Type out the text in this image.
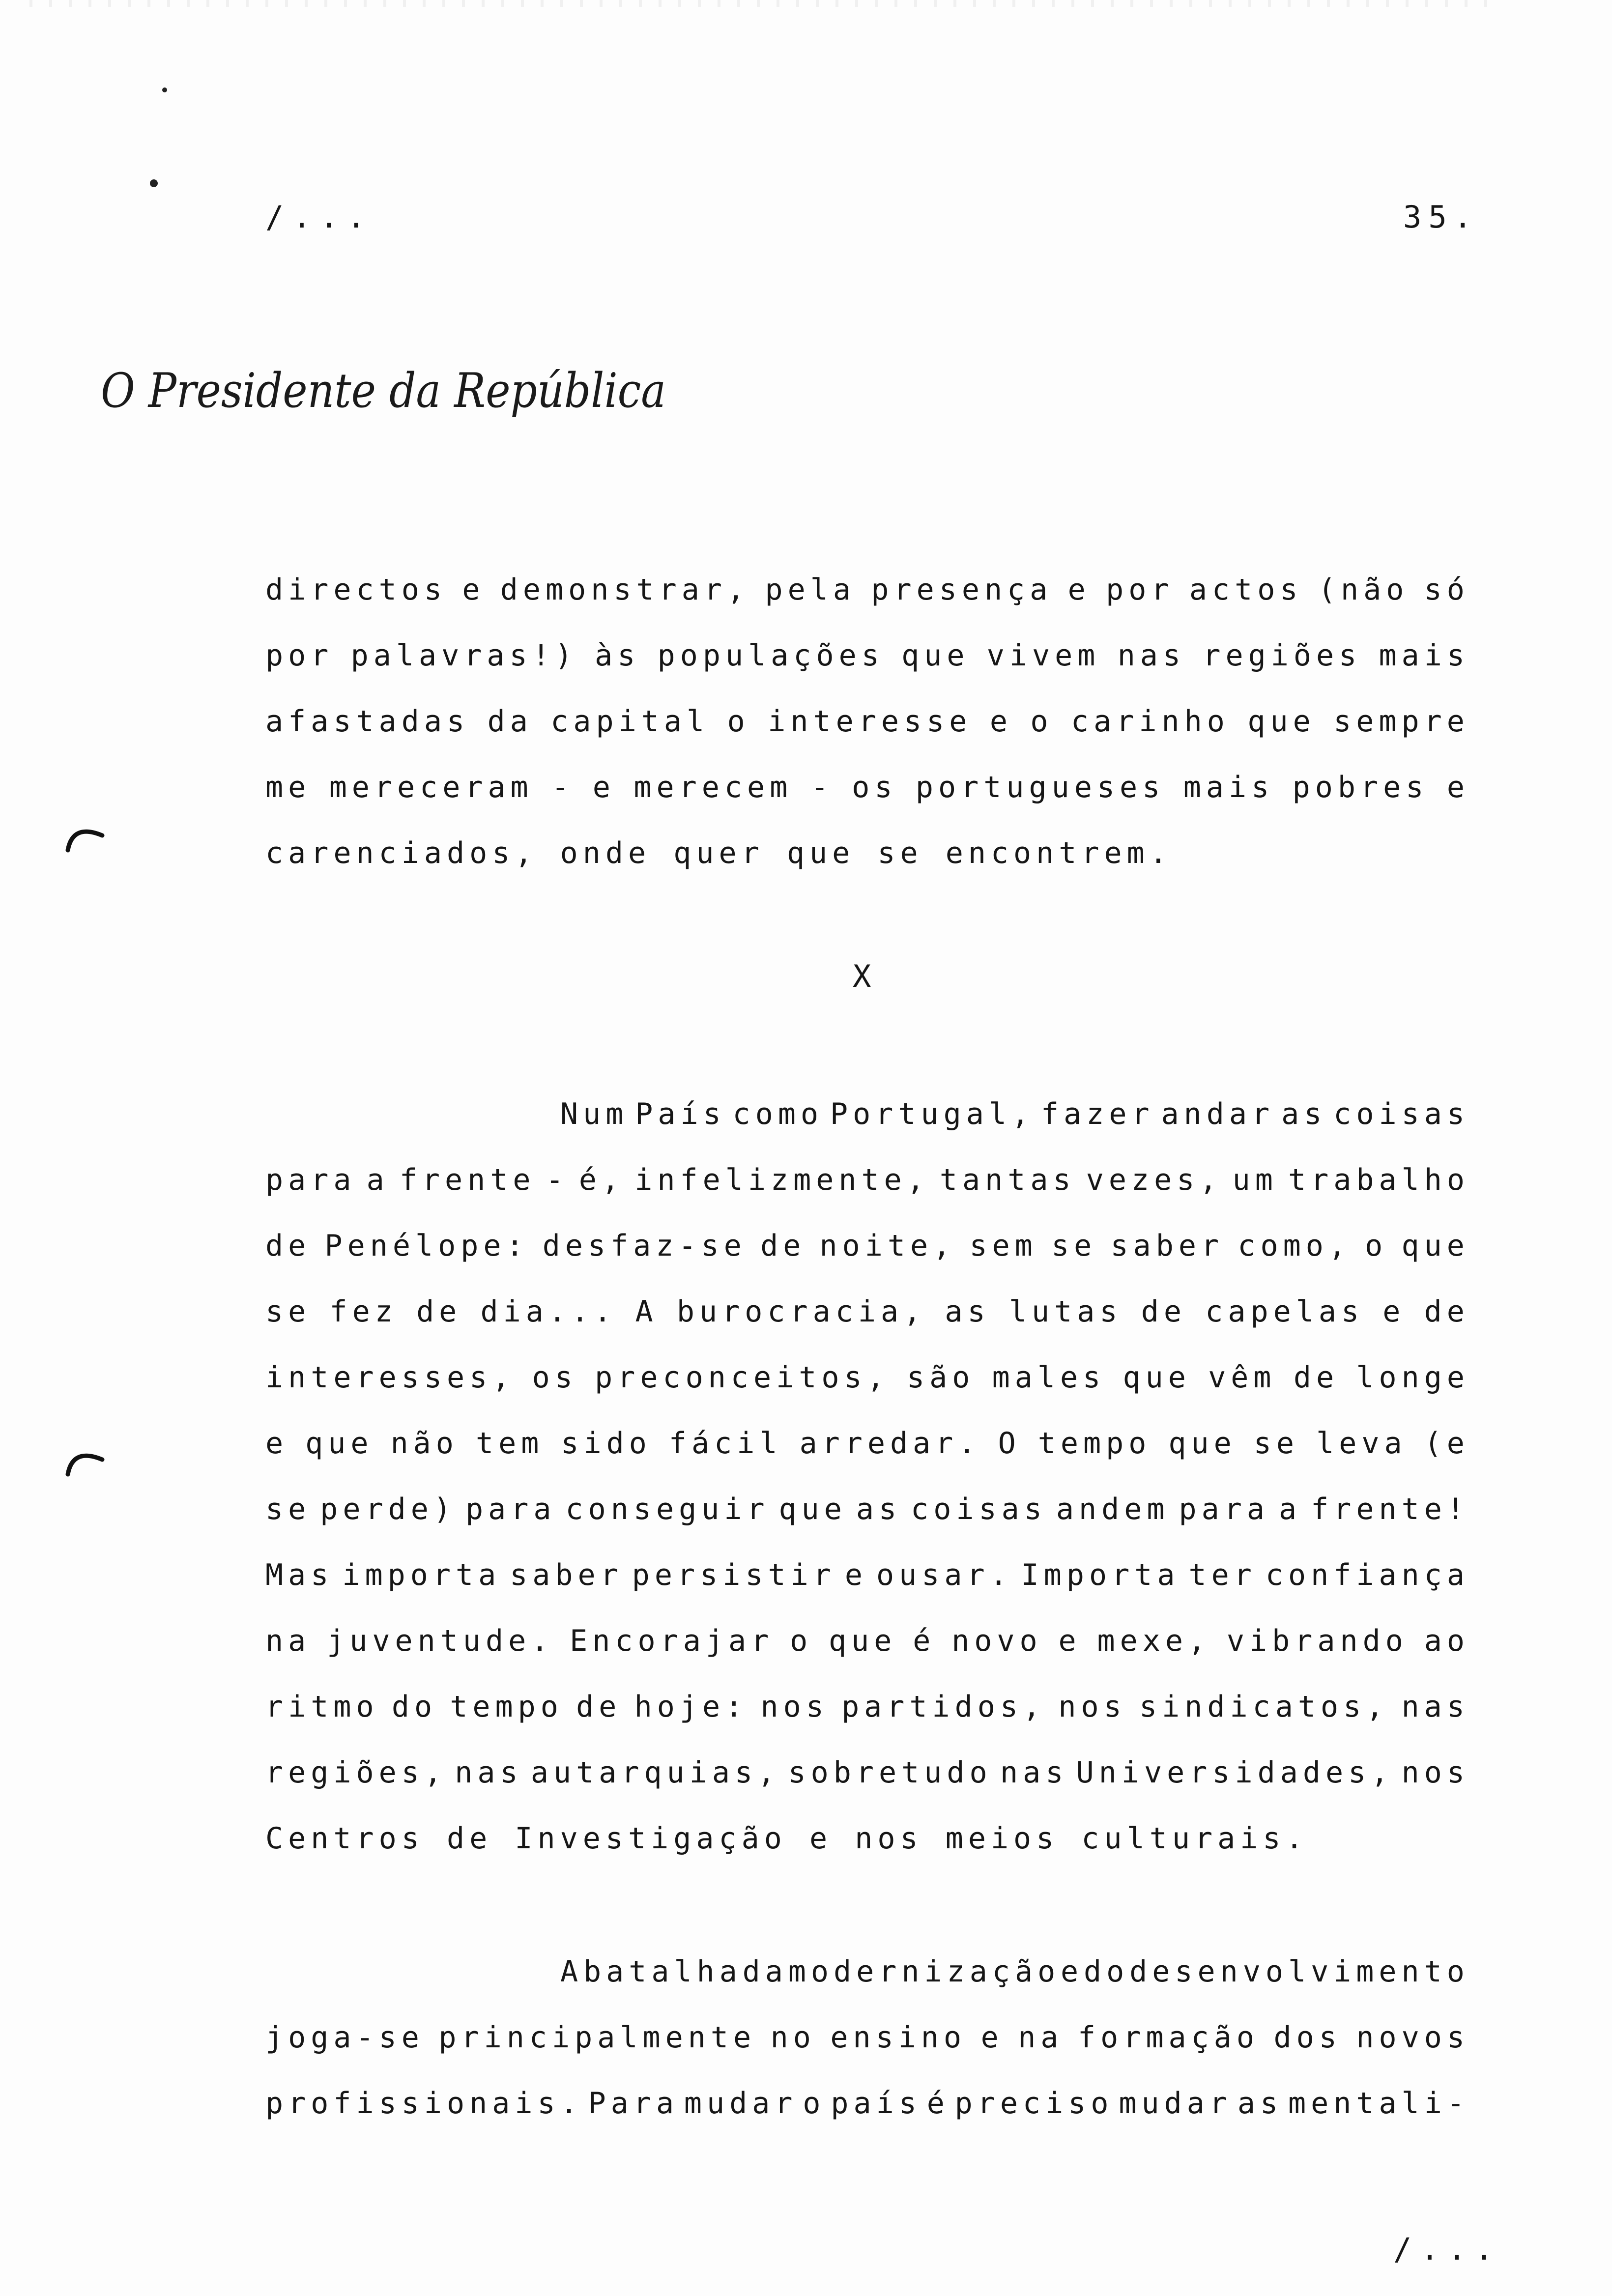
/...	35.
O Presidente da República
directos e demonstrar, pela presença e por actos (não só
por palavras!) às populações que vivem nas regiões mais
afastadas da capital o interesse e o carinho que sempre
me mereceram - e merecem - os portugueses mais pobres e
carenciados, onde quer que se encontrem.
X
Num País como Portugal, fazer andar as coisas
para a frente - é, infelizmente, tantas vezes, um trabalho
de Penélope: desfaz-se de noite, sem se saber como, o que
se fez de dia... A burocracia, as lutas de capelas e de
interesses, os preconceitos, são males que vêm de longe
e que não tem sido fácil arredar. O tempo que se leva (e
se perde) para conseguir que as coisas andem para a frente!
Mas importa saber persistir e ousar. Importa ter confiança
na juventude. Encorajar o que é novo e mexe, vibrando ao
ritmo do tempo de hoje: nos partidos, nos sindicatos, nas
regiões, nas autarquias, sobretudo nas Universidades, nos
Centros de Investigação e nos meios culturais.
A batalha da modernização e do desenvolvimento
joga-se principalmente no ensino e na formação dos novos
profissionais. Para mudar o país é preciso mudar as mentali-
/...
